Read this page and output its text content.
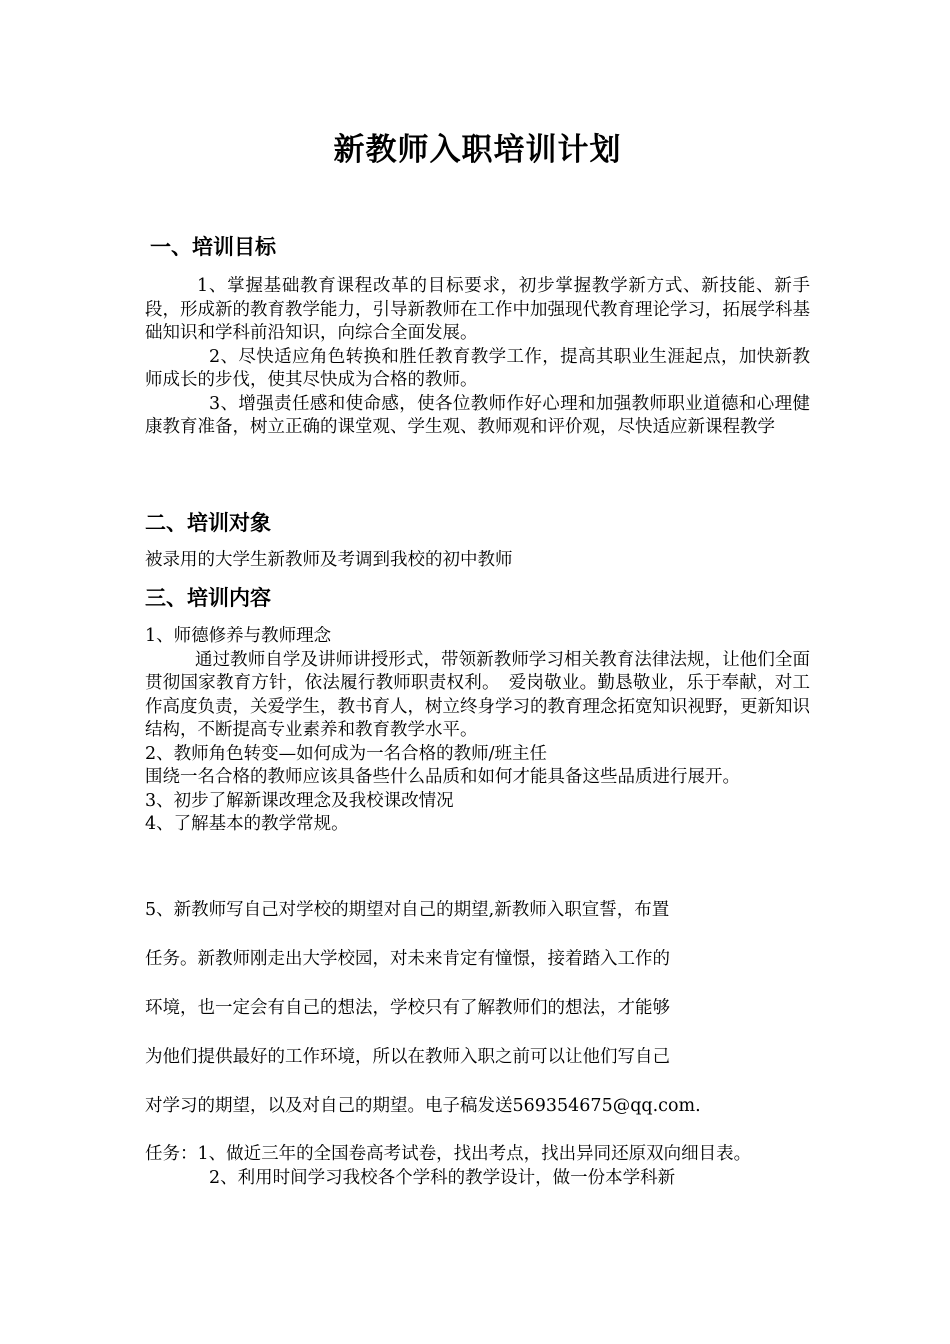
新教师入职培训计划
一、培训目标

1、掌握基础教育课程改革的目标要求，初步掌握教学新方式、新技能、新手段，形成新的教育教学能力，引导新教师在工作中加强现代教育理论学习，拓展学科基础知识和学科前沿知识，向综合全面发展。

2、尽快适应角色转换和胜任教育教学工作，提高其职业生涯起点，加快新教师成长的步伐，使其尽快成为合格的教师。

3、增强责任感和使命感，使各位教师作好心理和加强教师职业道德和心理健康教育准备，树立正确的课堂观、学生观、教师观和评价观，尽快适应新课程教学

二、培训对象

被录用的大学生新教师及考调到我校的初中教师

三、培训内容

1、师德修养与教师理念

通过教师自学及讲师讲授形式，带领新教师学习相关教育法律法规，让他们全面贯彻国家教育方针，依法履行教师职责权利。　爱岗敬业。勤恳敬业，乐于奉献，对工作高度负责，关爱学生，教书育人，树立终身学习的教育理念拓宽知识视野，更新知识结构，不断提高专业素养和教育教学水平。

2、教师角色转变—如何成为一名合格的教师/班主任

围绕一名合格的教师应该具备些什么品质和如何才能具备这些品质进行展开。

3、初步了解新课改理念及我校课改情况

4、了解基本的教学常规。

5、新教师写自己对学校的期望对自己的期望,新教师入职宣誓，布置

任务。新教师刚走出大学校园，对未来肯定有憧憬，接着踏入工作的

环境，也一定会有自己的想法，学校只有了解教师们的想法，才能够

为他们提供最好的工作环境，所以在教师入职之前可以让他们写自己

对学习的期望，以及对自己的期望。电子稿发送569354675@qq.com.

任务：1、做近三年的全国卷高考试卷，找出考点，找出异同还原双向细目表。

2、利用时间学习我校各个学科的教学设计，做一份本学科新
